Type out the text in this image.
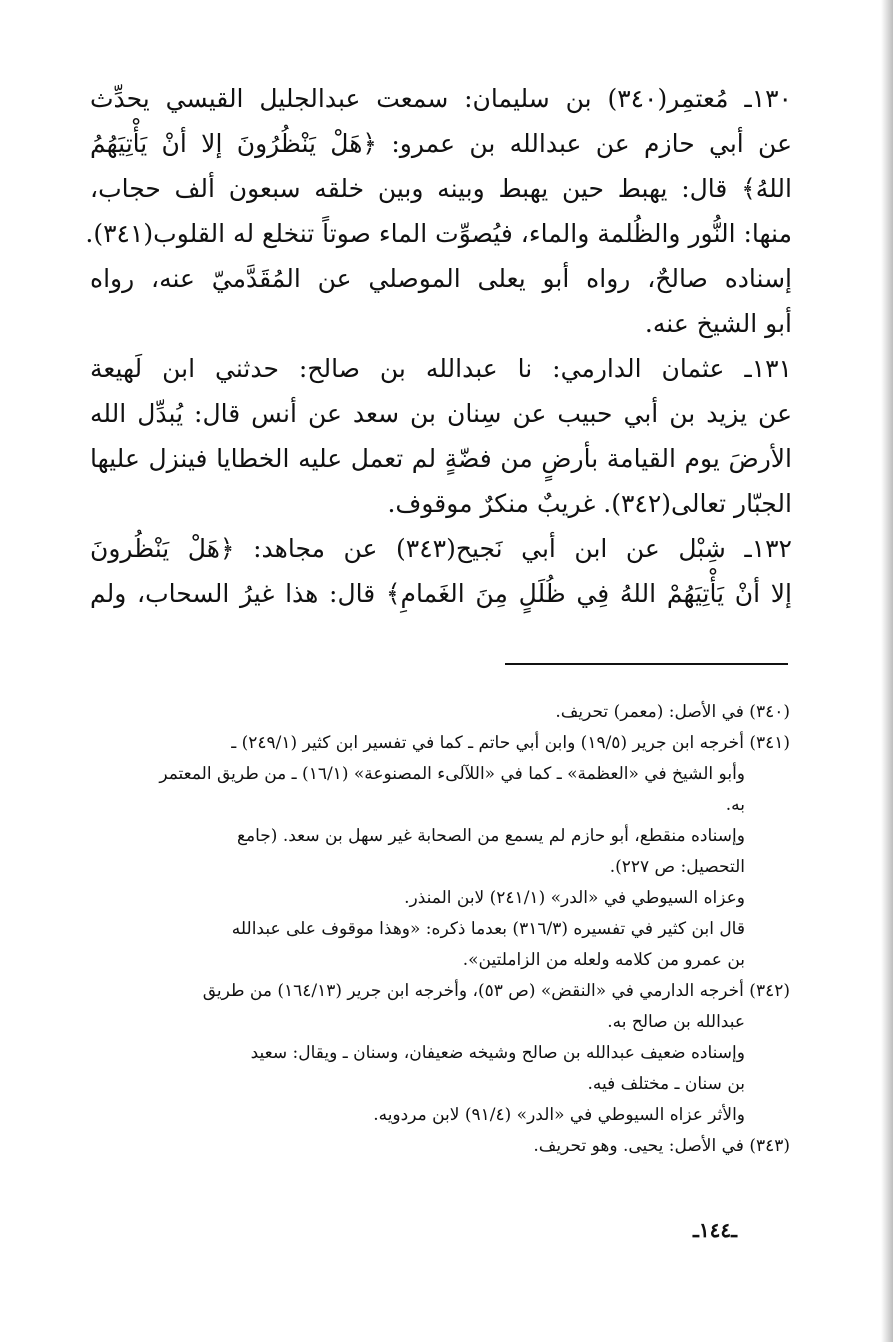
١٣٠ـ مُعتمِر(٣٤٠) بن سليمان: سمعت عبدالجليل القيسي يحدِّث
عن أبي حازم عن عبدالله بن عمرو: ﴿هَلْ يَنْظُرُونَ إلا أنْ يَأْتِيَهُمُ
اللهُ﴾ قال: يهبط حين يهبط وبينه وبين خلقه سبعون ألف حجاب،
منها: النُّور والظُلمة والماء، فيُصوِّت الماء صوتاً تنخلع له القلوب(٣٤١).
إسناده صالحٌ، رواه أبو يعلى الموصلي عن المُقَدَّميّ عنه، رواه
أبو الشيخ عنه.
١٣١ـ عثمان الدارمي: نا عبدالله بن صالح: حدثني ابن لَهيعة
عن يزيد بن أبي حبيب عن سِنان بن سعد عن أنس قال: يُبدِّل الله
الأرضَ يوم القيامة بأرضٍ من فضّةٍ لم تعمل عليه الخطايا فينزل عليها
الجبّار تعالى(٣٤٢). غريبٌ منكرٌ موقوف.
١٣٢ـ شِبْل عن ابن أبي نَجيح(٣٤٣) عن مجاهد: ﴿هَلْ يَنْظُرونَ
إلا أنْ يَأْتِيَهُمْ اللهُ فِي ظُلَلٍ مِنَ الغَمامِ﴾ قال: هذا غيرُ السحاب، ولم
(٣٤٠) في الأصل: (معمر) تحريف.
(٣٤١) أخرجه ابن جرير (١٩/٥) وابن أبي حاتم ـ كما في تفسير ابن كثير (٢٤٩/١) ـ
وأبو الشيخ في «العظمة» ـ كما في «اللآلىء المصنوعة» (١٦/١) ـ من طريق المعتمر
به.
وإسناده منقطع، أبو حازم لم يسمع من الصحابة غير سهل بن سعد. (جامع
التحصيل: ص ٢٢٧).
وعزاه السيوطي في «الدر» (٢٤١/١) لابن المنذر.
قال ابن كثير في تفسيره (٣١٦/٣) بعدما ذكره: «وهذا موقوف على عبدالله
بن عمرو من كلامه ولعله من الزاملتين».
(٣٤٢) أخرجه الدارمي في «النقض» (ص ٥٣)، وأخرجه ابن جرير (١٦٤/١٣) من طريق
عبدالله بن صالح به.
وإسناده ضعيف عبدالله بن صالح وشيخه ضعيفان، وسنان ـ ويقال: سعيد
بن سنان ـ مختلف فيه.
والأثر عزاه السيوطي في «الدر» (٩١/٤) لابن مردويه.
(٣٤٣) في الأصل: يحيى. وهو تحريف.
ـ١٤٤ـ
